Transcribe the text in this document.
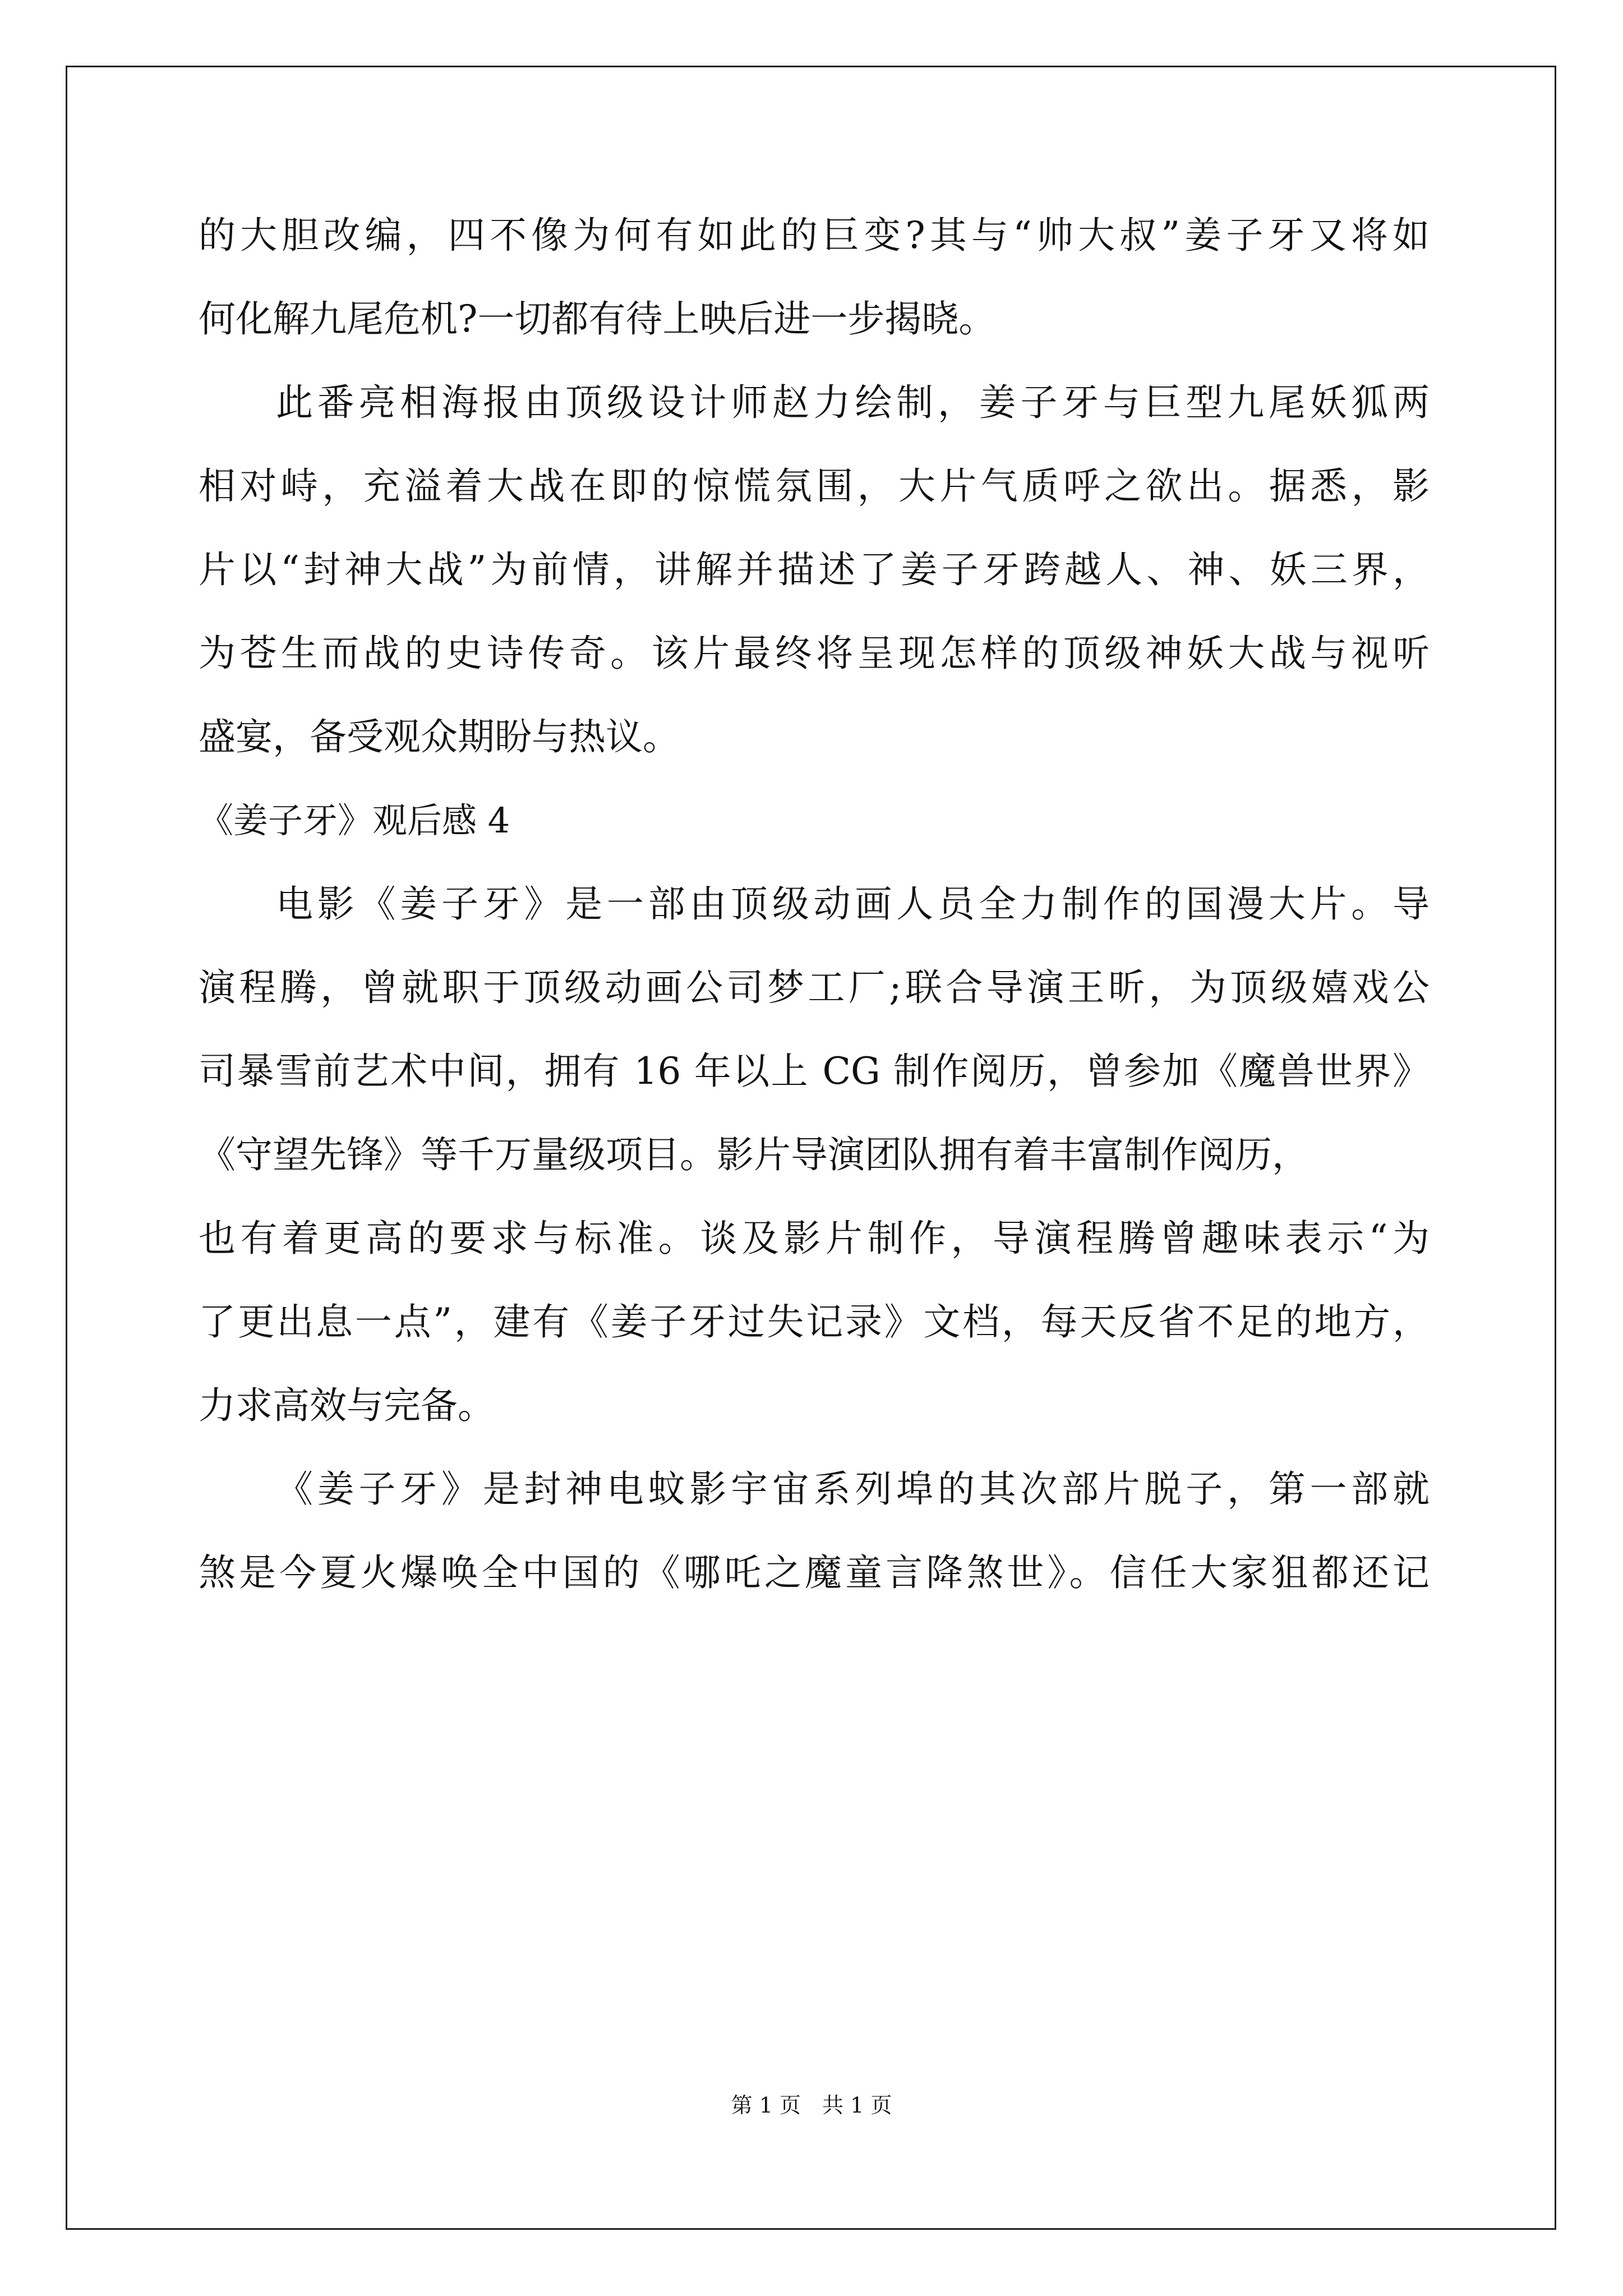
的大胆改编，四不像为何有如此的巨变?其与“帅大叔”姜子牙又将如
何化解九尾危机?一切都有待上映后进一步揭晓。
此番亮相海报由顶级设计师赵力绘制，姜子牙与巨型九尾妖狐两
相对峙，充溢着大战在即的惊慌氛围，大片气质呼之欲出。据悉，影
片以“封神大战”为前情，讲解并描述了姜子牙跨越人、神、妖三界，
为苍生而战的史诗传奇。该片最终将呈现怎样的顶级神妖大战与视听
盛宴，备受观众期盼与热议。
《姜子牙》观后感 4
电影《姜子牙》是一部由顶级动画人员全力制作的国漫大片。导
演程腾，曾就职于顶级动画公司梦工厂;联合导演王昕，为顶级嬉戏公
司暴雪前艺术中间，拥有 16 年以上 CG 制作阅历，曾参加《魔兽世界》
《守望先锋》等千万量级项目。影片导演团队拥有着丰富制作阅历，
也有着更高的要求与标准。谈及影片制作，导演程腾曾趣味表示“为
了更出息一点”，建有《姜子牙过失记录》文档，每天反省不足的地方，
力求高效与完备。
《姜子牙》是封神电蚊影宇宙系列埠的其次部片脱子，第一部就
煞是今夏火爆唤全中国的《哪吒之魔童言降煞世》。信任大家狙都还记
第 1 页　共 1 页
